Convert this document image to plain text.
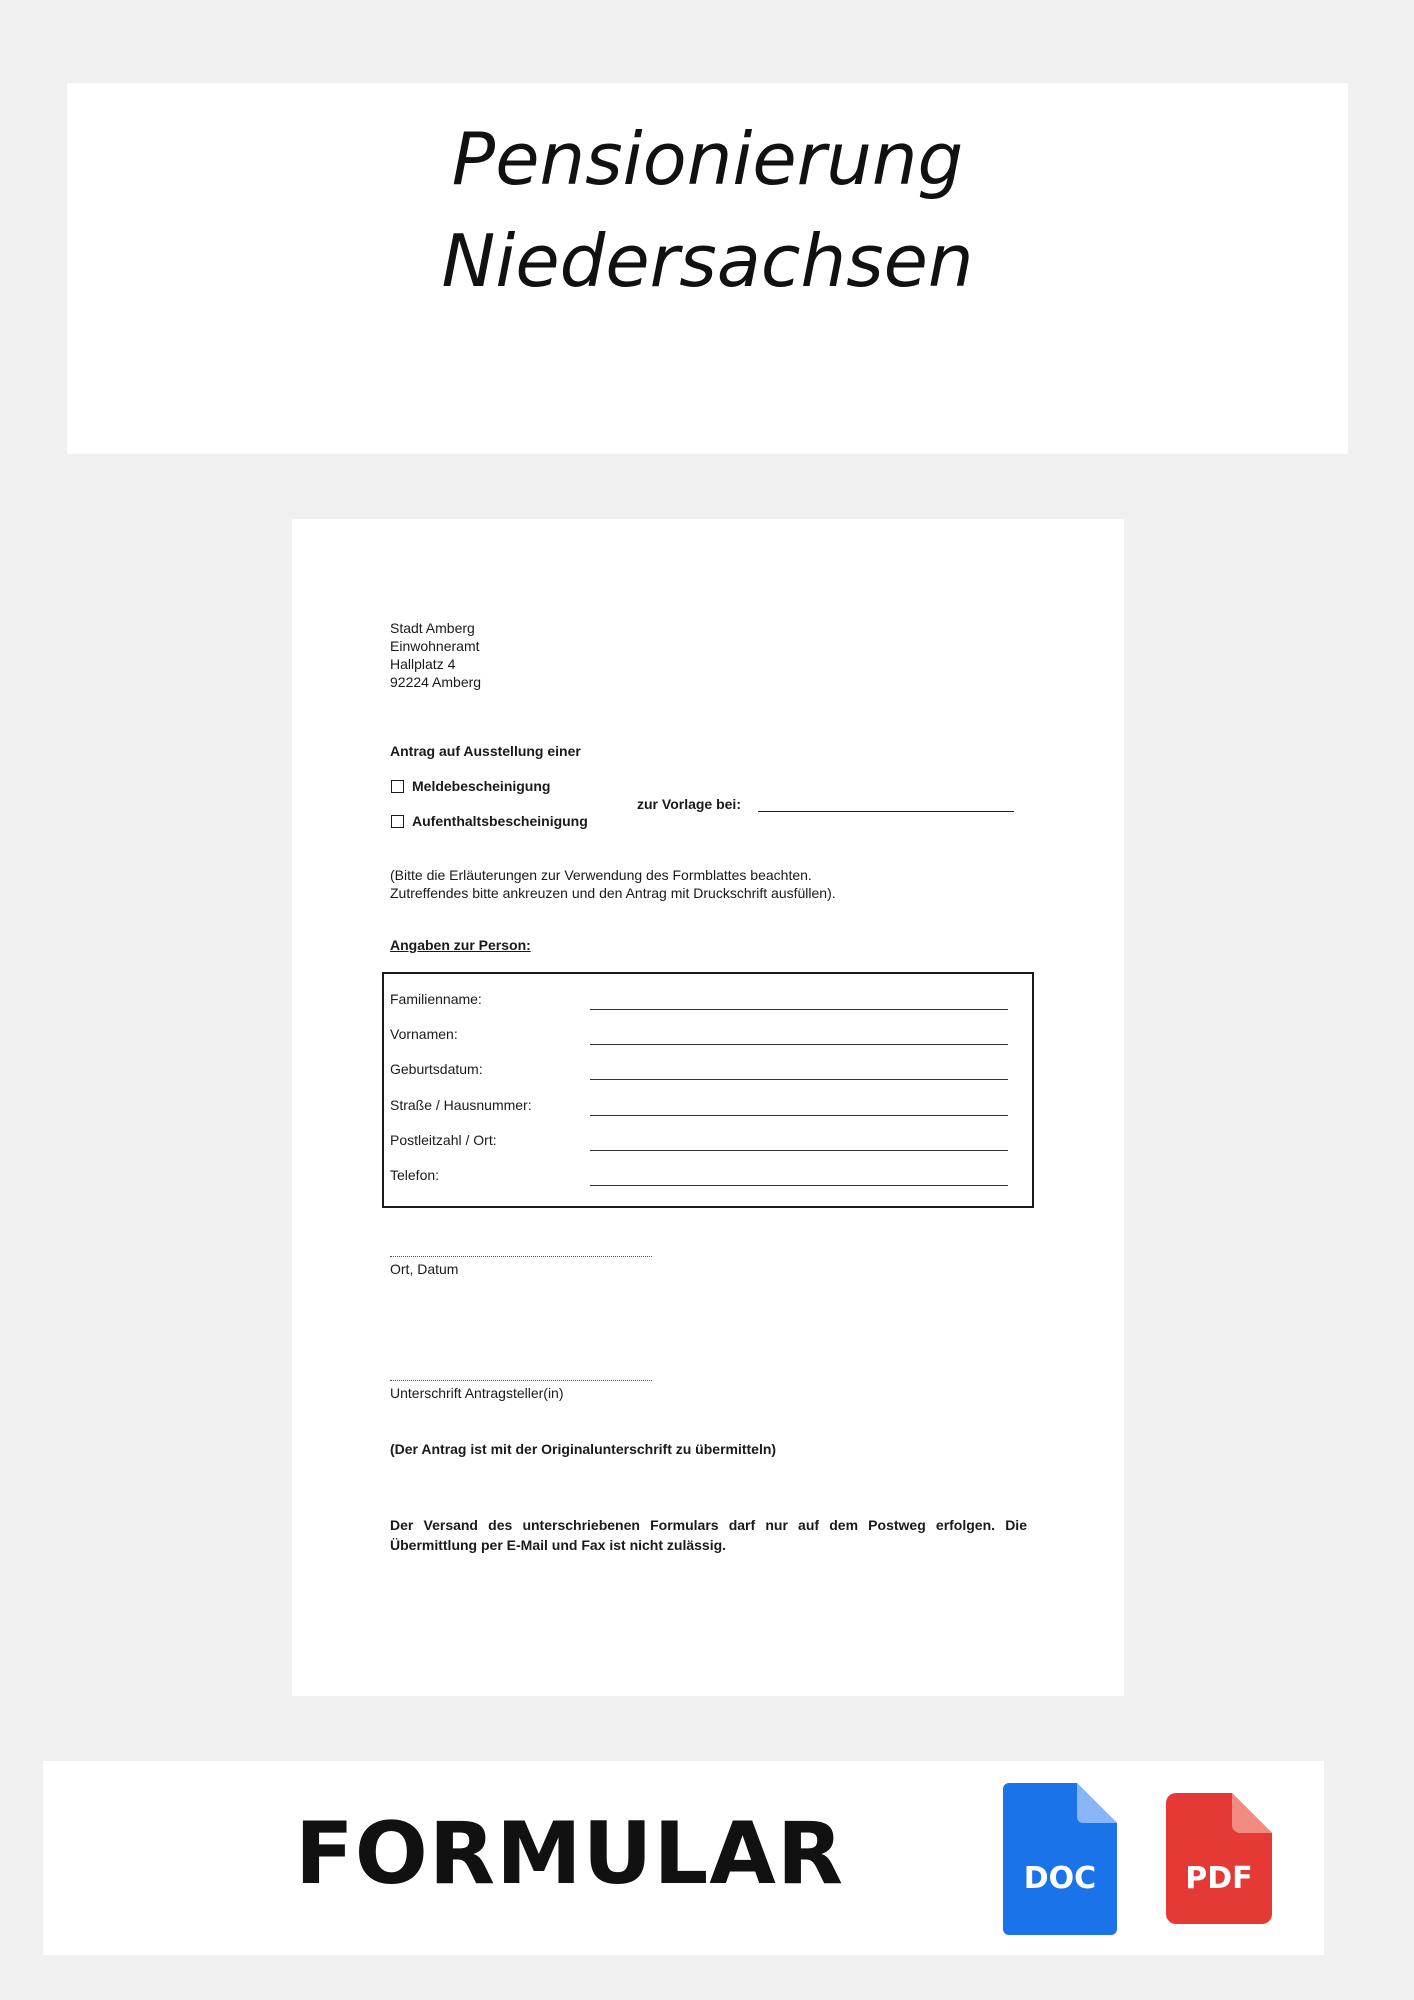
Pensionierung
Niedersachsen
Stadt Amberg
Einwohneramt
Hallplatz 4
92224 Amberg
Antrag auf Ausstellung einer
Meldebescheinigung
Aufenthaltsbescheinigung
zur Vorlage bei:
(Bitte die Erläuterungen zur Verwendung des Formblattes beachten.
Zutreffendes bitte ankreuzen und den Antrag mit Druckschrift ausfüllen).
Angaben zur Person:
Familienname:
Vornamen:
Geburtsdatum:
Straße / Hausnummer:
Postleitzahl / Ort:
Telefon:
Ort, Datum
Unterschrift Antragsteller(in)
(Der Antrag ist mit der Originalunterschrift zu übermitteln)
Der Versand des unterschriebenen Formulars darf nur auf dem Postweg erfolgen. Die Übermittlung per E-Mail und Fax ist nicht zulässig.
FORMULAR	DOC	PDF
